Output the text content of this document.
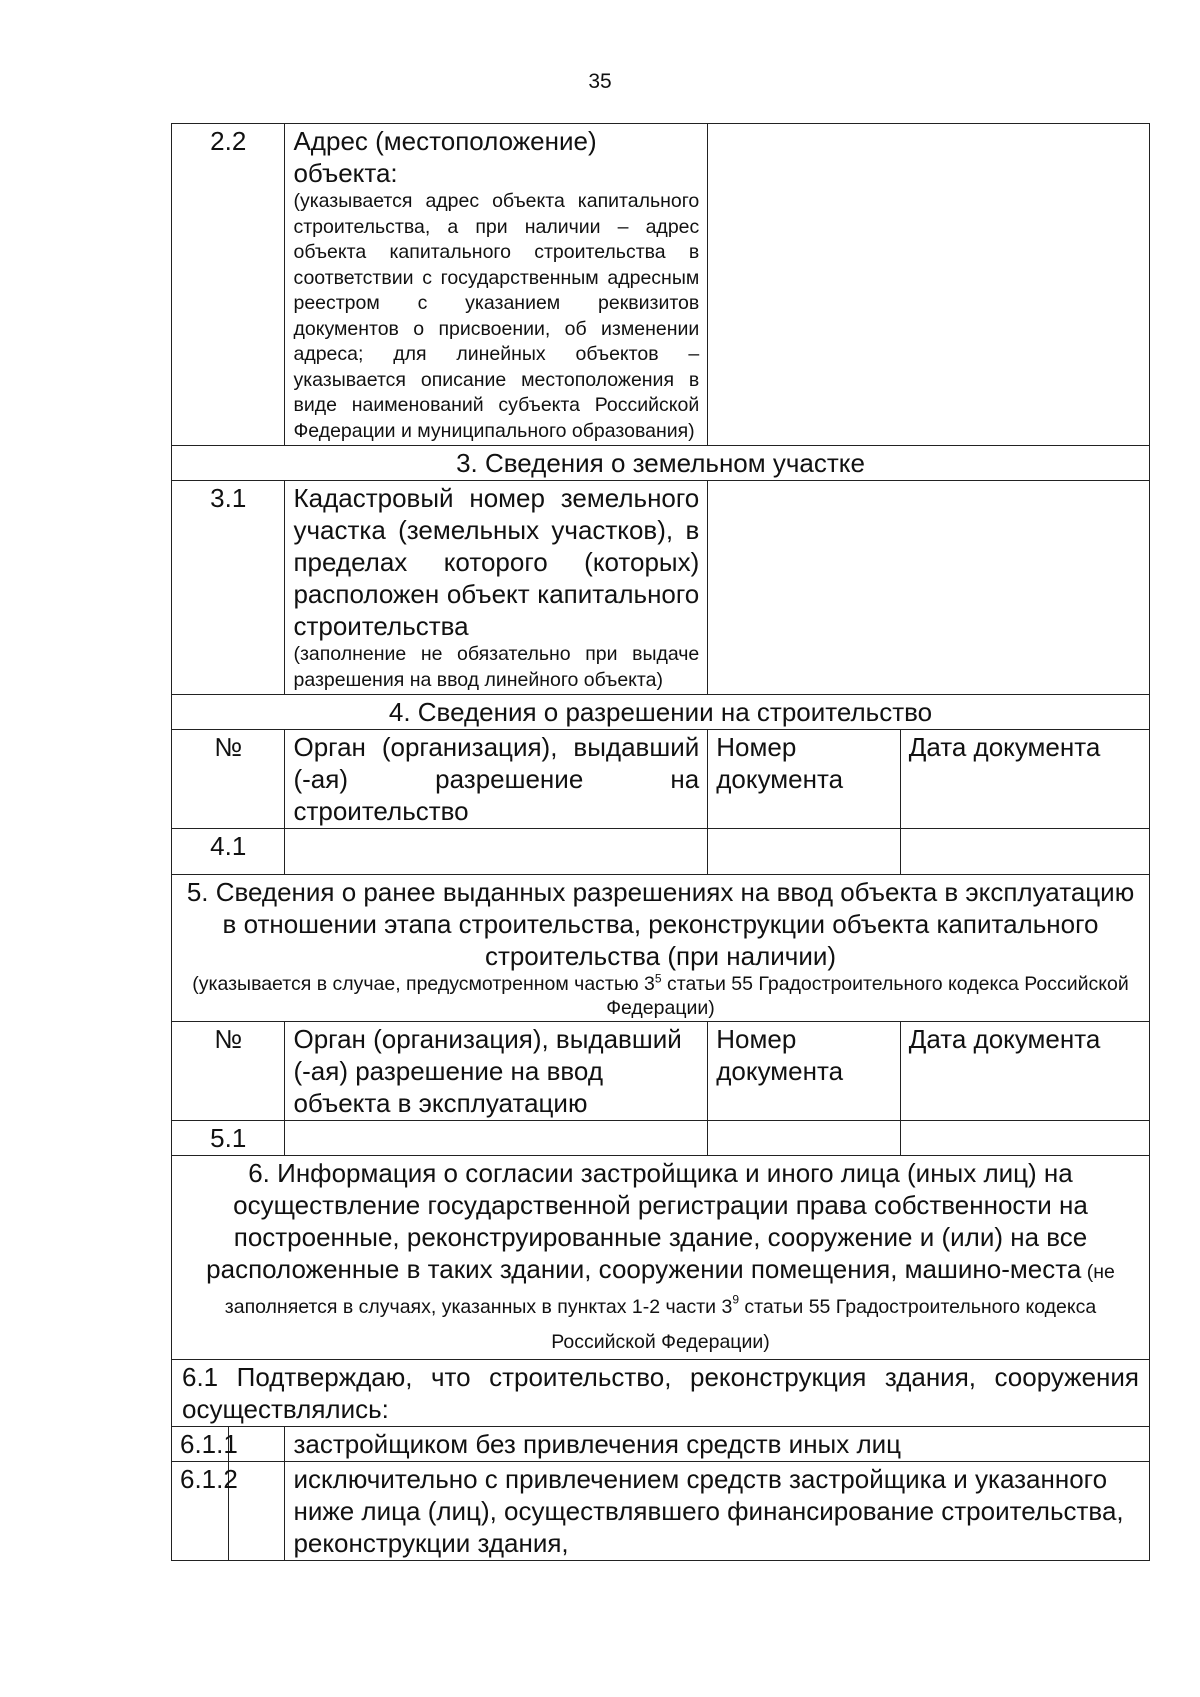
35
2.2		Адрес (местоположение)
объекта:
(указывается адрес объекта капитального строительства, а при наличии – адрес объекта капитального строительства в соответствии с государственным адресным реестром с указанием реквизитов документов о присвоении, об изменении адреса; для линейных объектов – указывается описание местоположения в виде наименований субъекта Российской Федерации и муниципального образования)		

3. Сведения о земельном участке				
3.1		Кадастровый номер земельного участка (земельных участков), в пределах которого (которых) расположен объект капитального строительства
(заполнение не обязательно при выдаче разрешения на ввод линейного объекта)		

4. Сведения о разрешении на строительство				
№		Орган (организация), выдавший (-ая) разрешение на строительство	Номер документа	Дата документа
4.1				

5. Сведения о ранее выданных разрешениях на ввод объекта в эксплуатацию в отношении этапа строительства, реконструкции объекта капитального строительства (при наличии)
(указывается в случае, предусмотренном частью $3^5$ статьи 55 Градостроительного кодекса Российской Федерации)				

№		Орган (организация), выдавший
(-ая) разрешение на ввод
объекта в эксплуатацию	Номер документа	Дата документа
5.1				
6. Информация о согласии застройщика и иного лица (иных лиц) на осуществление государственной регистрации права собственности на построенные, реконструированные здание, сооружение и (или) на все расположенные в таких здании, сооружении помещения, машино-места (не заполняется в случаях, указанных в пунктах 1-2 части $3^9$ статьи 55 Градостроительного кодекса Российской Федерации)				
6.1 Подтверждаю, что строительство, реконструкция здания, сооружения осуществлялись:				
6.1.1		застройщиком без привлечения средств иных лиц		
6.1.2		исключительно с привлечением средств застройщика и указанного ниже лица (лиц), осуществлявшего финансирование строительства, реконструкции здания,		
